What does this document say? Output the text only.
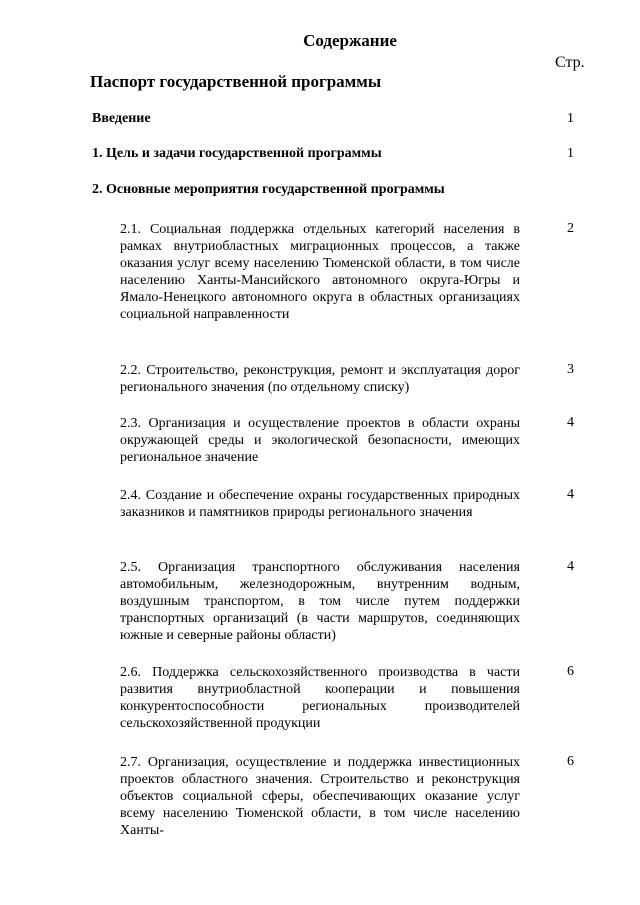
Содержание
Стр.
Паспорт государственной программы
Введение	1
1. Цель и задачи государственной программы	1
2. Основные мероприятия государственной программы
2.1. Социальная поддержка отдельных категорий населения в рамках внутриобластных миграционных процессов, а также оказания услуг всему населению Тюменской области, в том числе населению Ханты-Мансийского автономного округа-Югры и Ямало-Ненецкого автономного округа в областных организациях социальной направленности
2
2.2. Строительство, реконструкция, ремонт и эксплуатация дорог регионального значения (по отдельному списку)
3
2.3. Организация и осуществление проектов в области охраны окружающей среды и экологической безопасности, имеющих региональное значение
4
2.4. Создание и обеспечение охраны государственных природных заказников и памятников природы регионального значения
4
2.5. Организация транспортного обслуживания населения автомобильным, железнодорожным, внутренним водным, воздушным транспортом, в том числе путем поддержки транспортных организаций (в части маршрутов, соединяющих южные и северные районы области)
4
2.6. Поддержка сельскохозяйственного производства в части развития внутриобластной кооперации и повышения конкурентоспособности региональных производителей сельскохозяйственной продукции
6
2.7. Организация, осуществление и поддержка инвестиционных проектов областного значения. Строительство и реконструкция объектов социальной сферы, обеспечивающих оказание услуг всему населению Тюменской области, в том числе населению Ханты-
6
